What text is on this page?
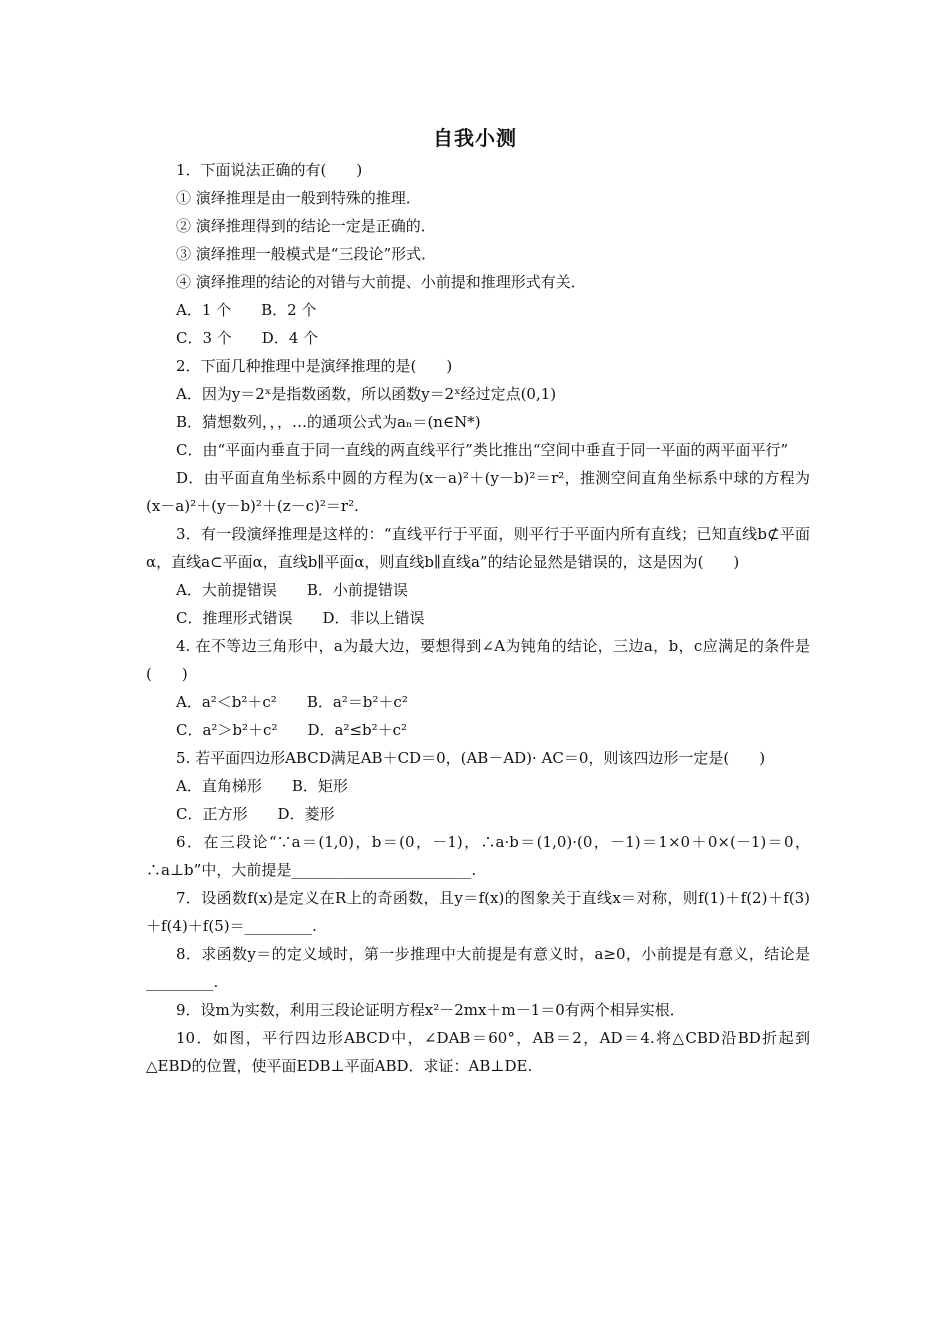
自我小测

1．下面说法正确的有(　　)

① 演绎推理是由一般到特殊的推理．

② 演绎推理得到的结论一定是正确的．

③ 演绎推理一般模式是“三段论”形式．

④ 演绎推理的结论的对错与大前提、小前提和推理形式有关．

A．1 个 B．2 个

C．3 个 D．4 个

2．下面几种推理中是演绎推理的是(　　)

A．因为y＝2ˣ是指数函数，所以函数y＝2ˣ经过定点(0,1)

B．猜想数列，，，…的通项公式为aₙ＝(n∈N*)

C．由“平面内垂直于同一直线的两直线平行”类比推出“空间中垂直于同一平面的两平面平行”

D．由平面直角坐标系中圆的方程为(x－a)²＋(y－b)²＝r²，推测空间直角坐标系中球的方程为(x－a)²＋(y－b)²＋(z－c)²＝r².

3．有一段演绎推理是这样的：“直线平行于平面，则平行于平面内所有直线；已知直线b⊄平面α，直线a⊂平面α，直线b∥平面α，则直线b∥直线a”的结论显然是错误的，这是因为(　　)

A．大前提错误 B．小前提错误

C．推理形式错误 D．非以上错误

4. 在不等边三角形中，a为最大边，要想得到∠A为钝角的结论，三边a，b，c应满足的条件是(　　)

A．a²＜b²＋c² B．a²＝b²＋c²

C．a²＞b²＋c² D．a²≤b²＋c²

5. 若平面四边形ABCD满足AB＋CD＝0，(AB－AD)· AC＝0，则该四边形一定是(　　)

A．直角梯形 B．矩形

C．正方形 D．菱形

6．在三段论“∵a＝(1,0)，b＝(0，－1)，∴a·b＝(1,0)·(0，－1)＝1×0＋0×(－1)＝0，∴a⊥b”中，大前提是________________________.

7．设函数f(x)是定义在R上的奇函数，且y＝f(x)的图象关于直线x＝对称，则f(1)＋f(2)＋f(3)＋f(4)＋f(5)＝_________.

8．求函数y＝的定义域时，第一步推理中大前提是有意义时，a≥0，小前提是有意义，结论是_________.

9．设m为实数，利用三段论证明方程x²－2mx＋m－1＝0有两个相异实根．

10．如图，平行四边形ABCD中，∠DAB＝60°，AB＝2，AD＝4.将△CBD沿BD折起到△EBD的位置，使平面EDB⊥平面ABD．求证：AB⊥DE.
